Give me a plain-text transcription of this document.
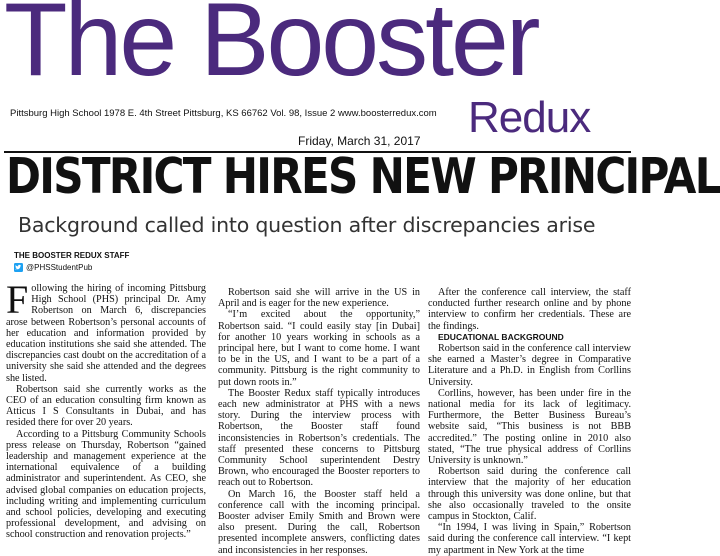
The Booster
Pittsburg High School 1978 E. 4th Street Pittsburg, KS 66762 Vol. 98, Issue 2 www.boosterredux.com Redux
Friday, March 31, 2017
DISTRICT HIRES NEW PRINCIPAL
Background called into question after discrepancies arise
THE BOOSTER REDUX STAFF
@PHSStudentPub

Following the hiring of incoming Pittsburg High School (PHS) principal Dr. Amy Robertson on March 6, discrepancies arose between Robertson’s personal accounts of her education and information provided by education institutions she said she attended. The discrepancies cast doubt on the accreditation of a university she said she attended and the degrees she listed.

Robertson said she currently works as the CEO of an education consulting firm known as Atticus I S Consultants in Dubai, and has resided there for over 20 years.

According to a Pittsburg Community Schools press release on Thursday, Robertson “gained leadership and management experience at the international equivalence of a building administrator and superintendent. As CEO, she advised global companies on education projects, including writing and implementing curriculum and school policies, developing and executing professional development, and advising on school construction and renovation projects.”

Robertson said she will arrive in the US in April and is eager for the new experience.

“I’m excited about the opportunity,” Robertson said. “I could easily stay [in Dubai] for another 10 years working in schools as a principal here, but I want to come home. I want to be in the US, and I want to be a part of a community. Pittsburg is the right community to put down roots in.”

The Booster Redux staff typically introduces each new administrator at PHS with a news story. During the interview process with Robertson, the Booster staff found inconsistencies in Robertson’s credentials. The staff presented these concerns to Pittsburg Community School superintendent Destry Brown, who encouraged the Booster reporters to reach out to Robertson.

On March 16, the Booster staff held a conference call with the incoming principal. Booster adviser Emily Smith and Brown were also present. During the call, Robertson presented incomplete answers, conflicting dates and inconsistencies in her responses.

After the conference call interview, the staff conducted further research online and by phone interview to confirm her credentials. These are the findings.

EDUCATIONAL BACKGROUND

Robertson said in the conference call interview she earned a Master’s degree in Comparative Literature and a Ph.D. in English from Corllins University.

Corllins, however, has been under fire in the national media for its lack of legitimacy. Furthermore, the Better Business Bureau’s website said, “This business is not BBB accredited.” The posting online in 2010 also stated, “The true physical address of Corllins University is unknown.”

Robertson said during the conference call interview that the majority of her education through this university was done online, but that she also occasionally traveled to the onsite campus in Stockton, Calif.

“In 1994, I was living in Spain,” Robertson said during the conference call interview. “I kept my apartment in New York at the time
